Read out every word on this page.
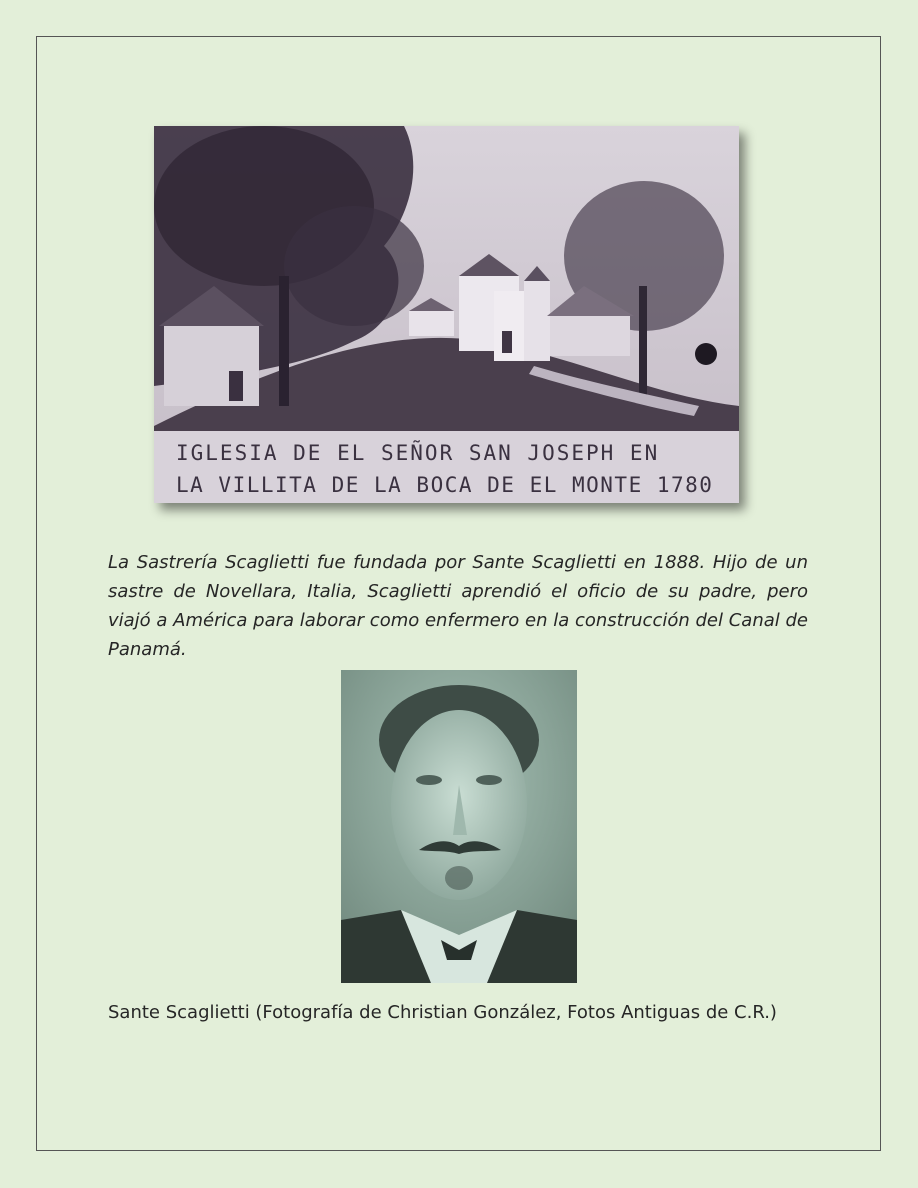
IGLESIA DE EL SEÑOR SAN JOSEPH EN
LA VILLITA DE LA BOCA DE EL MONTE 1780

La Sastrería Scaglietti fue fundada por Sante Scaglietti en 1888. Hijo de un sastre de Novellara, Italia, Scaglietti aprendió el oficio de su padre, pero viajó a América para laborar como enfermero en la construcción del Canal de Panamá.

Sante Scaglietti (Fotografía de Christian González, Fotos Antiguas de C.R.)
